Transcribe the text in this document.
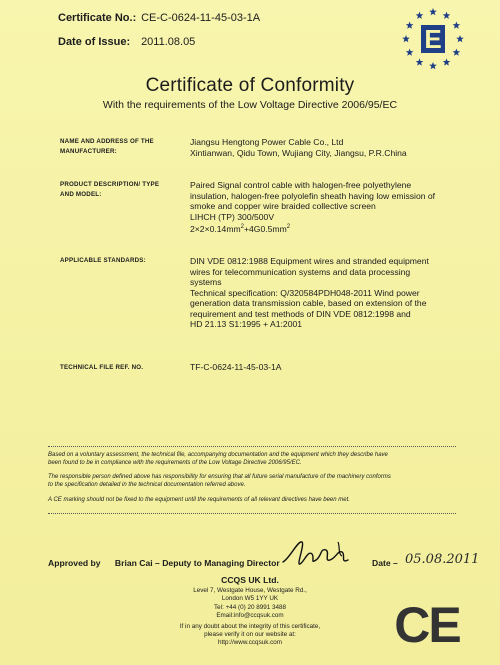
Certificate No.: CE-C-0624-11-45-03-1A
Date of Issue: 2011.08.05	E
Certificate of Conformity
With the requirements of the Low Voltage Directive 2006/95/EC
NAME AND ADDRESS OF THE
MANUFACTURER:
Jiangsu Hengtong Power Cable Co., Ltd
Xintianwan, Qidu Town, Wujiang City, Jiangsu, P.R.China
PRODUCT DESCRIPTION/ TYPE
AND MODEL:
Paired Signal control cable with halogen-free polyethylene
insulation, halogen-free polyolefin sheath having low emission of
smoke and copper wire braided collective screen
LIHCH (TP) 300/500V
$2\times 2\times 0.14mm^2+4G0.5mm^2$
APPLICABLE STANDARDS:	DIN VDE 0812:1988 Equipment wires and stranded equipment
wires for telecommunication systems and data processing
systems
Technical specification: Q/320584PDH048-2011 Wind power
generation data transmission cable, based on extension of the
requirement and test methods of DIN VDE 0812:1998 and
HD 21.13 S1:1995 + A1:2001
TECHNICAL FILE REF. NO.	TF-C-0624-11-45-03-1A
Based on a voluntary assessment, the technical file, accompanying documentation and the equipment which they describe have
been found to be in compliance with the requirements of the Low Voltage Directive 2006/95/EC.
The responsible person defined above has responsibility for ensuring that all future serial manufacture of the machinery conforms
to the specification detailed in the technical documentation referred above.
A CE marking should not be fixed to the equipment until the requirements of all relevant directives have been met.
Approved by Brian Cai – Deputy to Managing Director	Date – 05.08.2011
CCQS UK Ltd.
Level 7, Westgate House, Westgate Rd.,
London W5 1YY UK
Tel: +44 (0) 20 8991 3488
Email:info@ccqsuk.com
If in any doubt about the integrity of this certificate,
please verify it on our website at:
http://www.ccqsuk.com	CE
